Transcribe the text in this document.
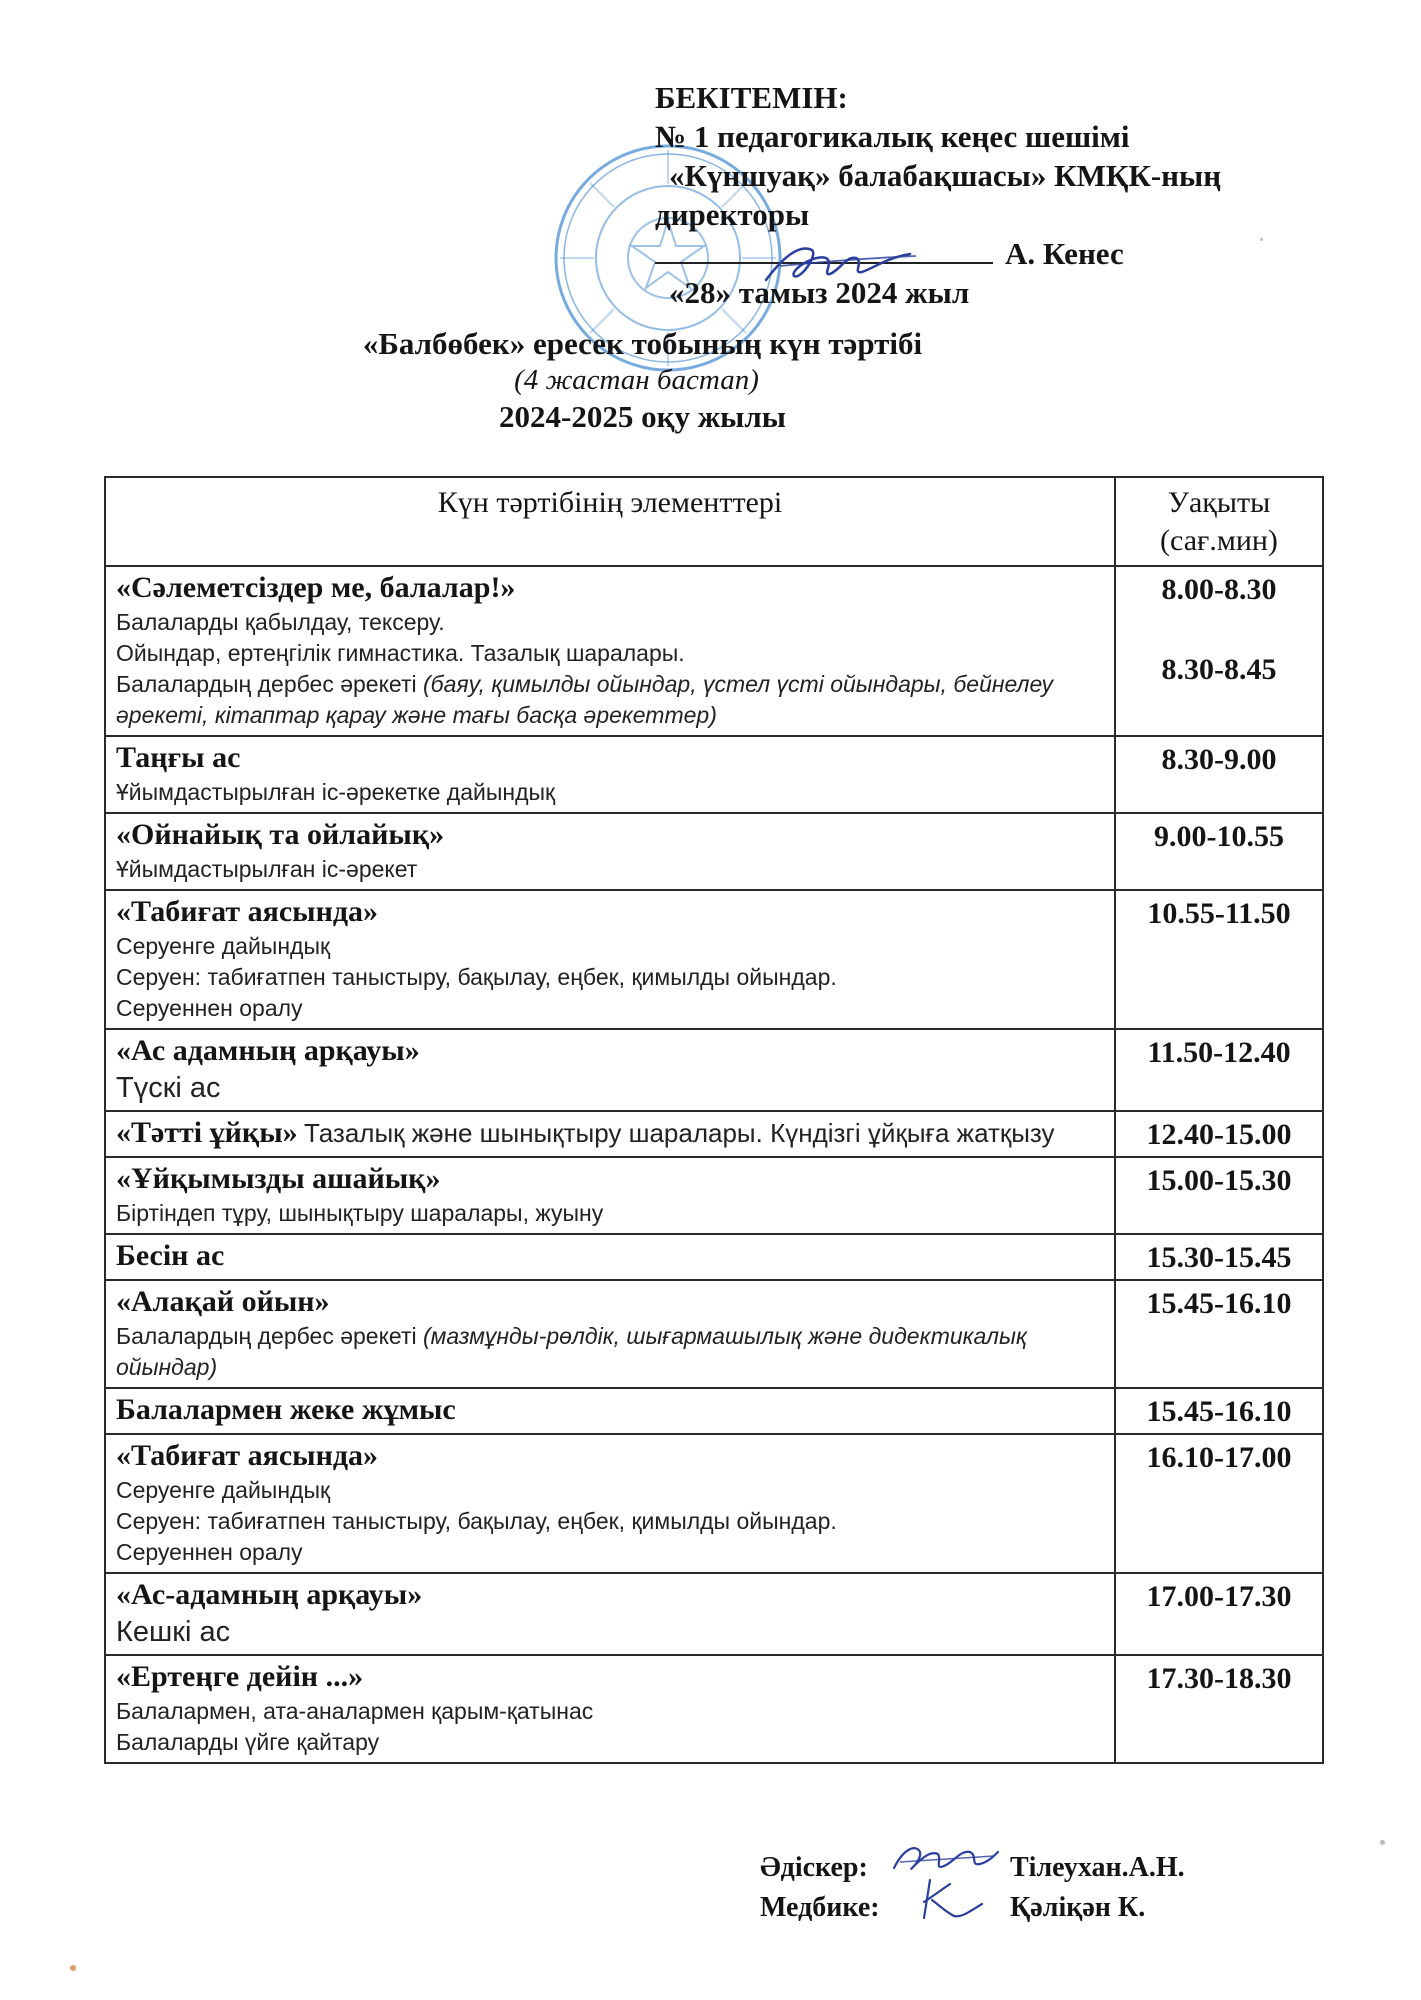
БЕКІТЕМІН:
№ 1 педагогикалық кеңес шешімі
«Күншуақ» балабақшасы» КМҚК-ның
директоры
А. Кенес
«28» тамыз 2024 жыл
«Балбөбек» ересек тобының күн тәртібі
(4 жастан бастап)
2024-2025 оқу жылы
Күн тәртібінің элементтері	Уақыты (сағ.мин)

«Сәлеметсіздер ме, балалар!»
Балаларды қабылдау, тексеру.
Ойындар, ертеңгілік гимнастика. Тазалық шаралары.
Балалардың дербес әрекеті (баяу, қимылды ойындар, үстел үсті ойындары, бейнелеу әрекеті, кітаптар қарау және тағы басқа әрекеттер)	8.00-8.30
8.30-8.45

Таңғы ас
Ұйымдастырылған іс-әрекетке дайындық	8.30-9.00

«Ойнайық та ойлайық»
Ұйымдастырылған іс-әрекет	9.00-10.55

«Табиғат аясында»
Серуенге дайындық
Серуен: табиғатпен таныстыру, бақылау, еңбек, қимылды ойындар.
Серуеннен оралу	10.55-11.50

«Ас адамның арқауы»
Түскі ас	11.50-12.40
«Тәтті ұйқы» Тазалық және шынықтыру шаралары. Күндізгі ұйқыға жатқызу	12.40-15.00

«Ұйқымызды ашайық»
Біртіндеп тұру, шынықтыру шаралары, жуыну	15.00-15.30

Бесін ас	15.30-15.45

«Алақай ойын»
Балалардың дербес әрекеті (мазмұнды-рөлдік, шығармашылық және дидектикалық ойындар)	15.45-16.10

Балалармен жеке жұмыс	15.45-16.10

«Табиғат аясында»
Серуенге дайындық
Серуен: табиғатпен таныстыру, бақылау, еңбек, қимылды ойындар.
Серуеннен оралу	16.10-17.00

«Ас-адамның арқауы»
Кешкі ас	17.00-17.30

«Ертеңге дейін ...»
Балалармен, ата-аналармен қарым-қатынас
Балаларды үйге қайтару	17.30-18.30
Әдіскер:	Тілеухан.А.Н.
Медбике:	Қәліқән К.
